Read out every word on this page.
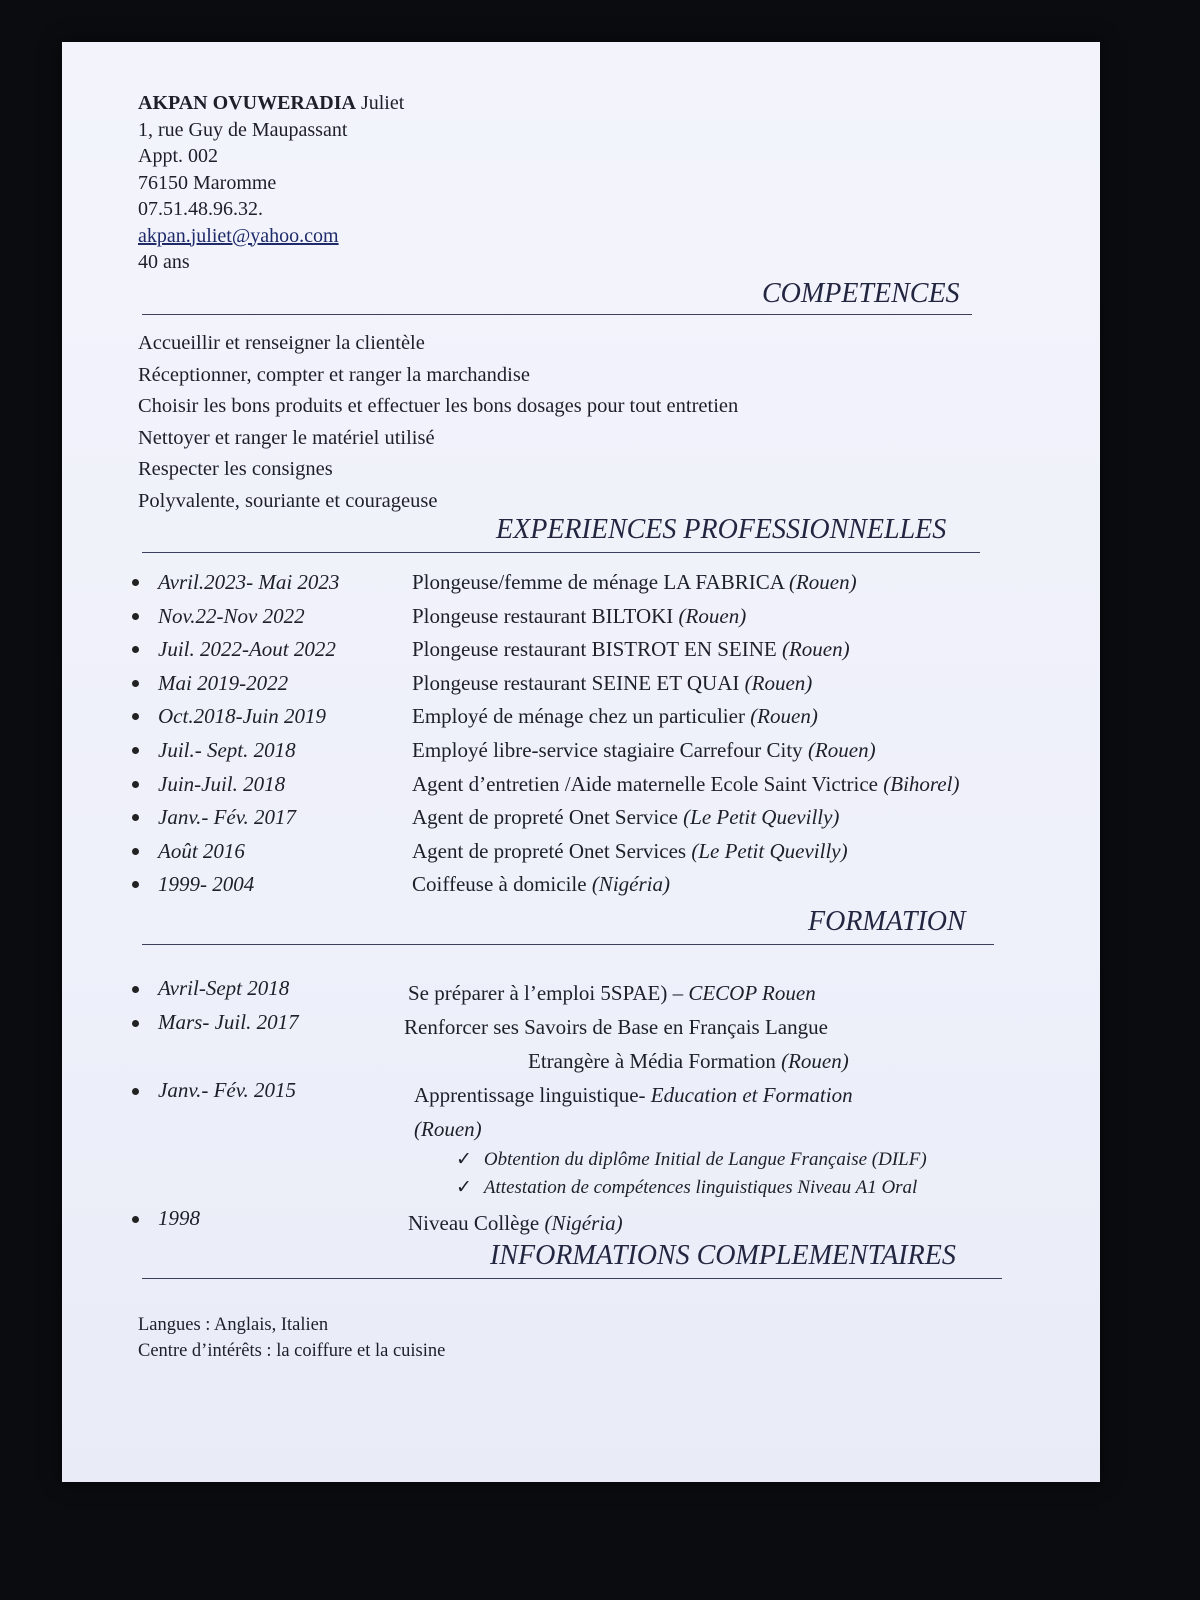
AKPAN OVUWERADIA Juliet
1, rue Guy de Maupassant
Appt. 002
76150 Maromme
07.51.48.96.32.
akpan.juliet@yahoo.com
40 ans
COMPETENCES
Accueillir et renseigner la clientèle
Réceptionner, compter et ranger la marchandise
Choisir les bons produits et effectuer les bons dosages pour tout entretien
Nettoyer et ranger le matériel utilisé
Respecter les consignes
Polyvalente, souriante et courageuse
EXPERIENCES PROFESSIONNELLES
Avril.2023- Mai 2023	Plongeuse/femme de ménage LA FABRICA (Rouen)
Nov.22-Nov 2022	Plongeuse restaurant BILTOKI (Rouen)
Juil. 2022-Aout 2022	Plongeuse restaurant BISTROT EN SEINE (Rouen)
Mai 2019-2022	Plongeuse restaurant SEINE ET QUAI (Rouen)
Oct.2018-Juin 2019	Employé de ménage chez un particulier (Rouen)
Juil.- Sept. 2018	Employé libre-service stagiaire Carrefour City (Rouen)
Juin-Juil. 2018	Agent d’entretien /Aide maternelle Ecole Saint Victrice (Bihorel)
Janv.- Fév. 2017	Agent de propreté Onet Service (Le Petit Quevilly)
Août 2016	Agent de propreté Onet Services (Le Petit Quevilly)
1999- 2004	Coiffeuse à domicile (Nigéria)
FORMATION
Avril-Sept 2018	Se préparer à l’emploi 5SPAE) – CECOP Rouen
Mars- Juil. 2017	Renforcer ses Savoirs de Base en Français Langue
Etrangère à Média Formation (Rouen)
Janv.- Fév. 2015	Apprentissage linguistique- Education et Formation
(Rouen)
✓ Obtention du diplôme Initial de Langue Française (DILF)
✓ Attestation de compétences linguistiques Niveau A1 Oral
1998	Niveau Collège (Nigéria)
INFORMATIONS COMPLEMENTAIRES
Langues : Anglais, Italien
Centre d’intérêts : la coiffure et la cuisine
